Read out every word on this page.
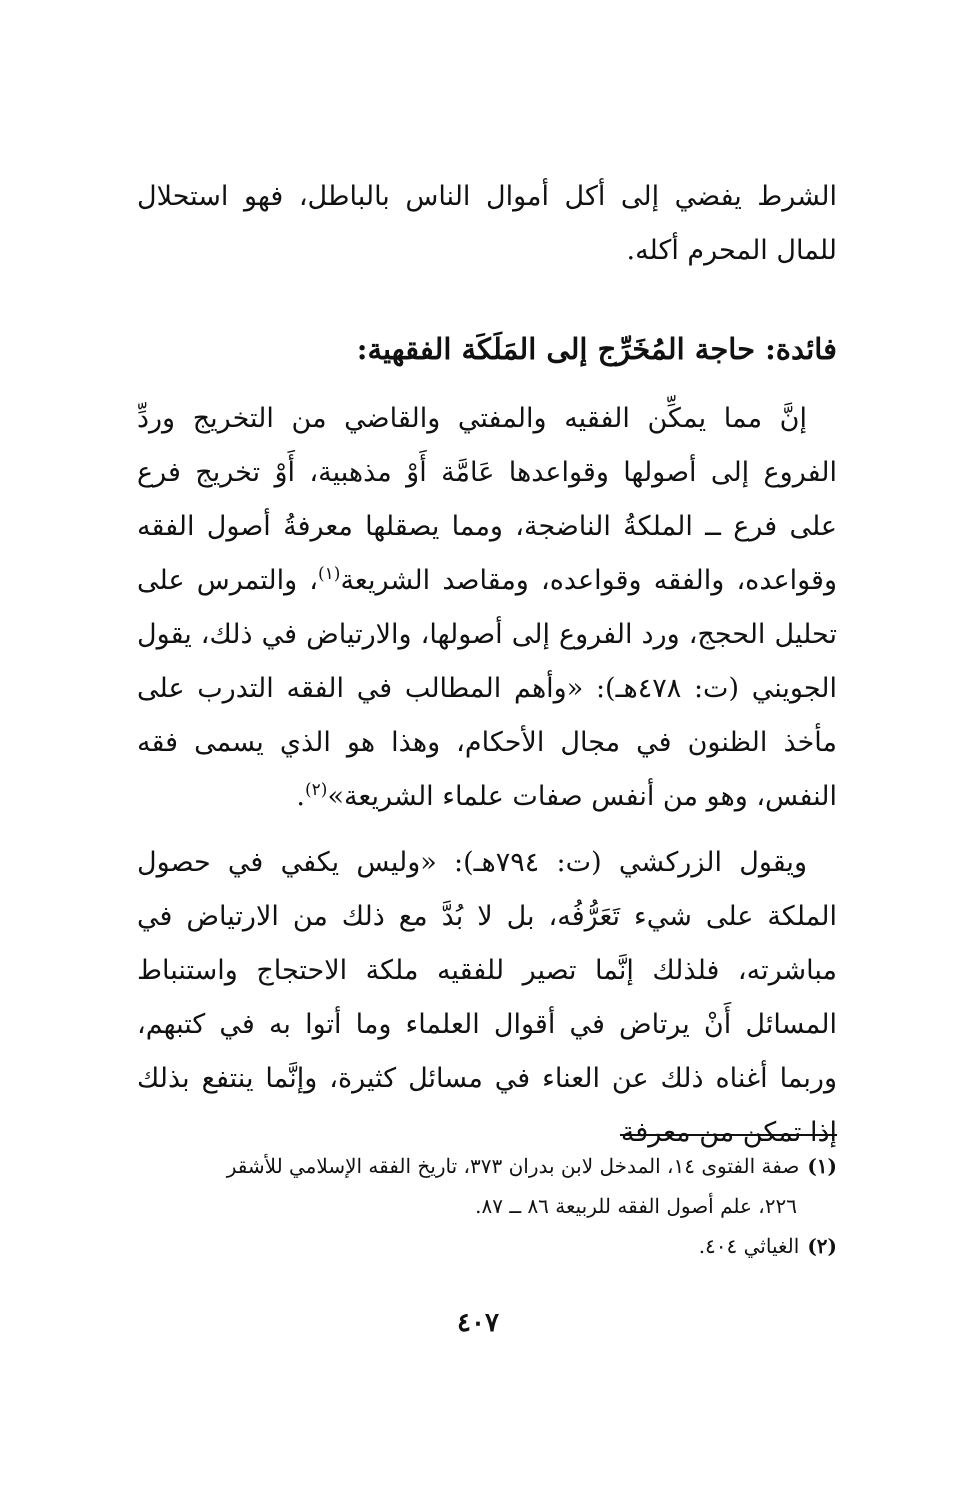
الشرط يفضي إلى أكل أموال الناس بالباطل، فهو استحلال للمال المحرم أكله.

فائدة: حاجة المُخَرِّج إلى المَلَكَة الفقهية:

إنَّ مما يمكِّن الفقيه والمفتي والقاضي من التخريج وردِّ الفروع إلى أصولها وقواعدها عَامَّة أَوْ مذهبية، أَوْ تخريج فرع على فرع ــ الملكةُ الناضجة، ومما يصقلها معرفةُ أصول الفقه وقواعده، والفقه وقواعده، ومقاصد الشريعة$^{(١)}$، والتمرس على تحليل الحجج، ورد الفروع إلى أصولها، والارتياض في ذلك، يقول الجويني (ت: ٤٧٨هـ): «وأهم المطالب في الفقه التدرب على مأخذ الظنون في مجال الأحكام، وهذا هو الذي يسمى فقه النفس، وهو من أنفس صفات علماء الشريعة»$^{(٢)}$.

ويقول الزركشي (ت: ٧٩٤هـ): «وليس يكفي في حصول الملكة على شيء تَعَرُّفُه، بل لا بُدَّ مع ذلك من الارتياض في مباشرته، فلذلك إنَّما تصير للفقيه ملكة الاحتجاج واستنباط المسائل أَنْ يرتاض في أقوال العلماء وما أتوا به في كتبهم، وربما أغناه ذلك عن العناء في مسائل كثيرة، وإنَّما ينتفع بذلك إذا تمكن من معرفة

(١)صفة الفتوى ١٤، المدخل لابن بدران ٣٧٣، تاريخ الفقه الإسلامي للأشقر

٢٢٦، علم أصول الفقه للربيعة ٨٦ ــ ٨٧.

(٢)الغياثي ٤٠٤.

٤٠٧
